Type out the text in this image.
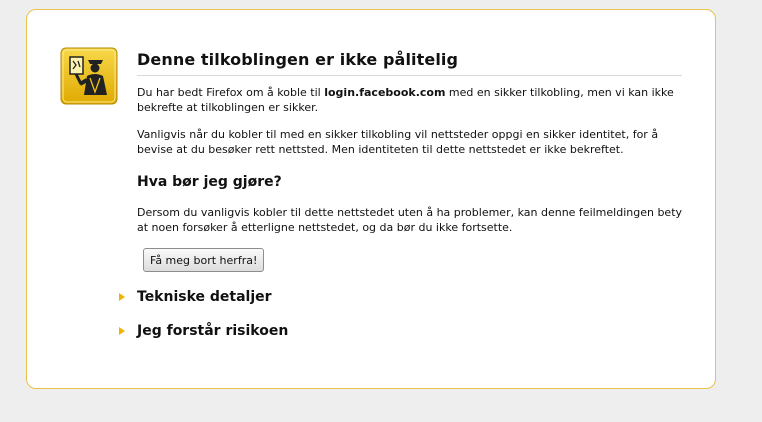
Denne tilkoblingen er ikke pålitelig

Du har bedt Firefox om å koble til login.facebook.com med en sikker tilkobling, men vi kan ikke bekrefte at tilkoblingen er sikker.

Vanligvis når du kobler til med en sikker tilkobling vil nettsteder oppgi en sikker identitet, for å bevise at du besøker rett nettsted. Men identiteten til dette nettstedet er ikke bekreftet.

Hva bør jeg gjøre?

Dersom du vanligvis kobler til dette nettstedet uten å ha problemer, kan denne feilmeldingen bety at noen forsøker å etterligne nettstedet, og da bør du ikke fortsette.

Få meg bort herfra!
Tekniske detaljer
Jeg forstår risikoen
